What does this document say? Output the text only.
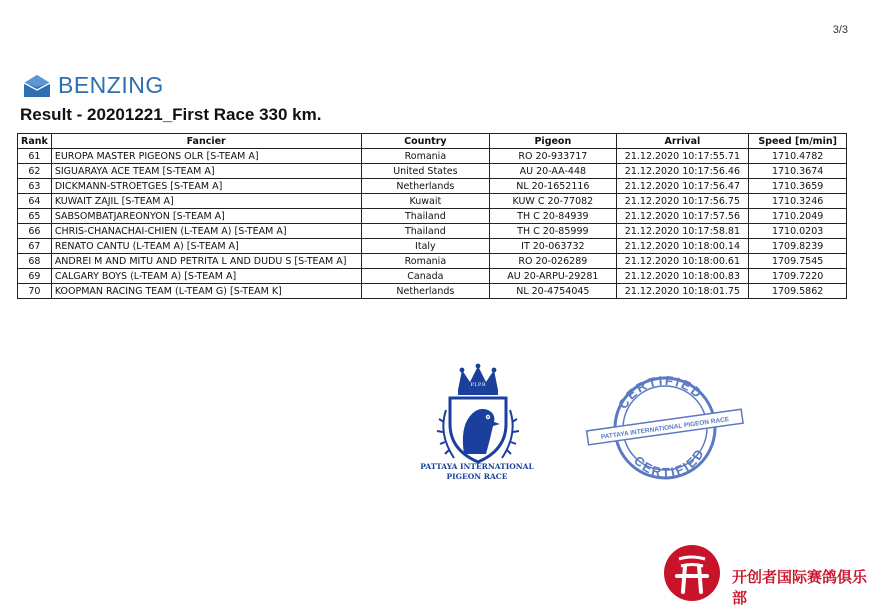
3/3
BENZING
Result - 20201221_First Race 330 km.
Rank	Fancier	Country	Pigeon	Arrival	Speed [m/min]
61	EUROPA MASTER PIGEONS OLR [S-TEAM A]	Romania	RO 20-933717	21.12.2020 10:17:55.71	1710.4782
62	SIGUARAYA ACE TEAM [S-TEAM A]	United States	AU 20-AA-448	21.12.2020 10:17:56.46	1710.3674
63	DICKMANN-STROETGES [S-TEAM A]	Netherlands	NL 20-1652116	21.12.2020 10:17:56.47	1710.3659
64	KUWAIT ZAJIL [S-TEAM A]	Kuwait	KUW C 20-77082	21.12.2020 10:17:56.75	1710.3246
65	SABSOMBATJAREONYON [S-TEAM A]	Thailand	TH C 20-84939	21.12.2020 10:17:57.56	1710.2049
66	CHRIS-CHANACHAI-CHIEN (L-TEAM A) [S-TEAM A]	Thailand	TH C 20-85999	21.12.2020 10:17:58.81	1710.0203
67	RENATO CANTU (L-TEAM A) [S-TEAM A]	Italy	IT 20-063732	21.12.2020 10:18:00.14	1709.8239
68	ANDREI M AND MITU AND PETRITA L AND DUDU S [S-TEAM A]	Romania	RO 20-026289	21.12.2020 10:18:00.61	1709.7545
69	CALGARY BOYS (L-TEAM A) [S-TEAM A]	Canada	AU 20-ARPU-29281	21.12.2020 10:18:00.83	1709.7220
70	KOOPMAN RACING TEAM (L-TEAM G) [S-TEAM K]	Netherlands	NL 20-4754045	21.12.2020 10:18:01.75	1709.5862
P.I.P.R
PATTAYA INTERNATIONAL
PIGEON RACE
CERTIFIED
CERTIFIED
PATTAYA INTERNATIONAL PIGEON RACE
开创者国际赛鸽俱乐部
